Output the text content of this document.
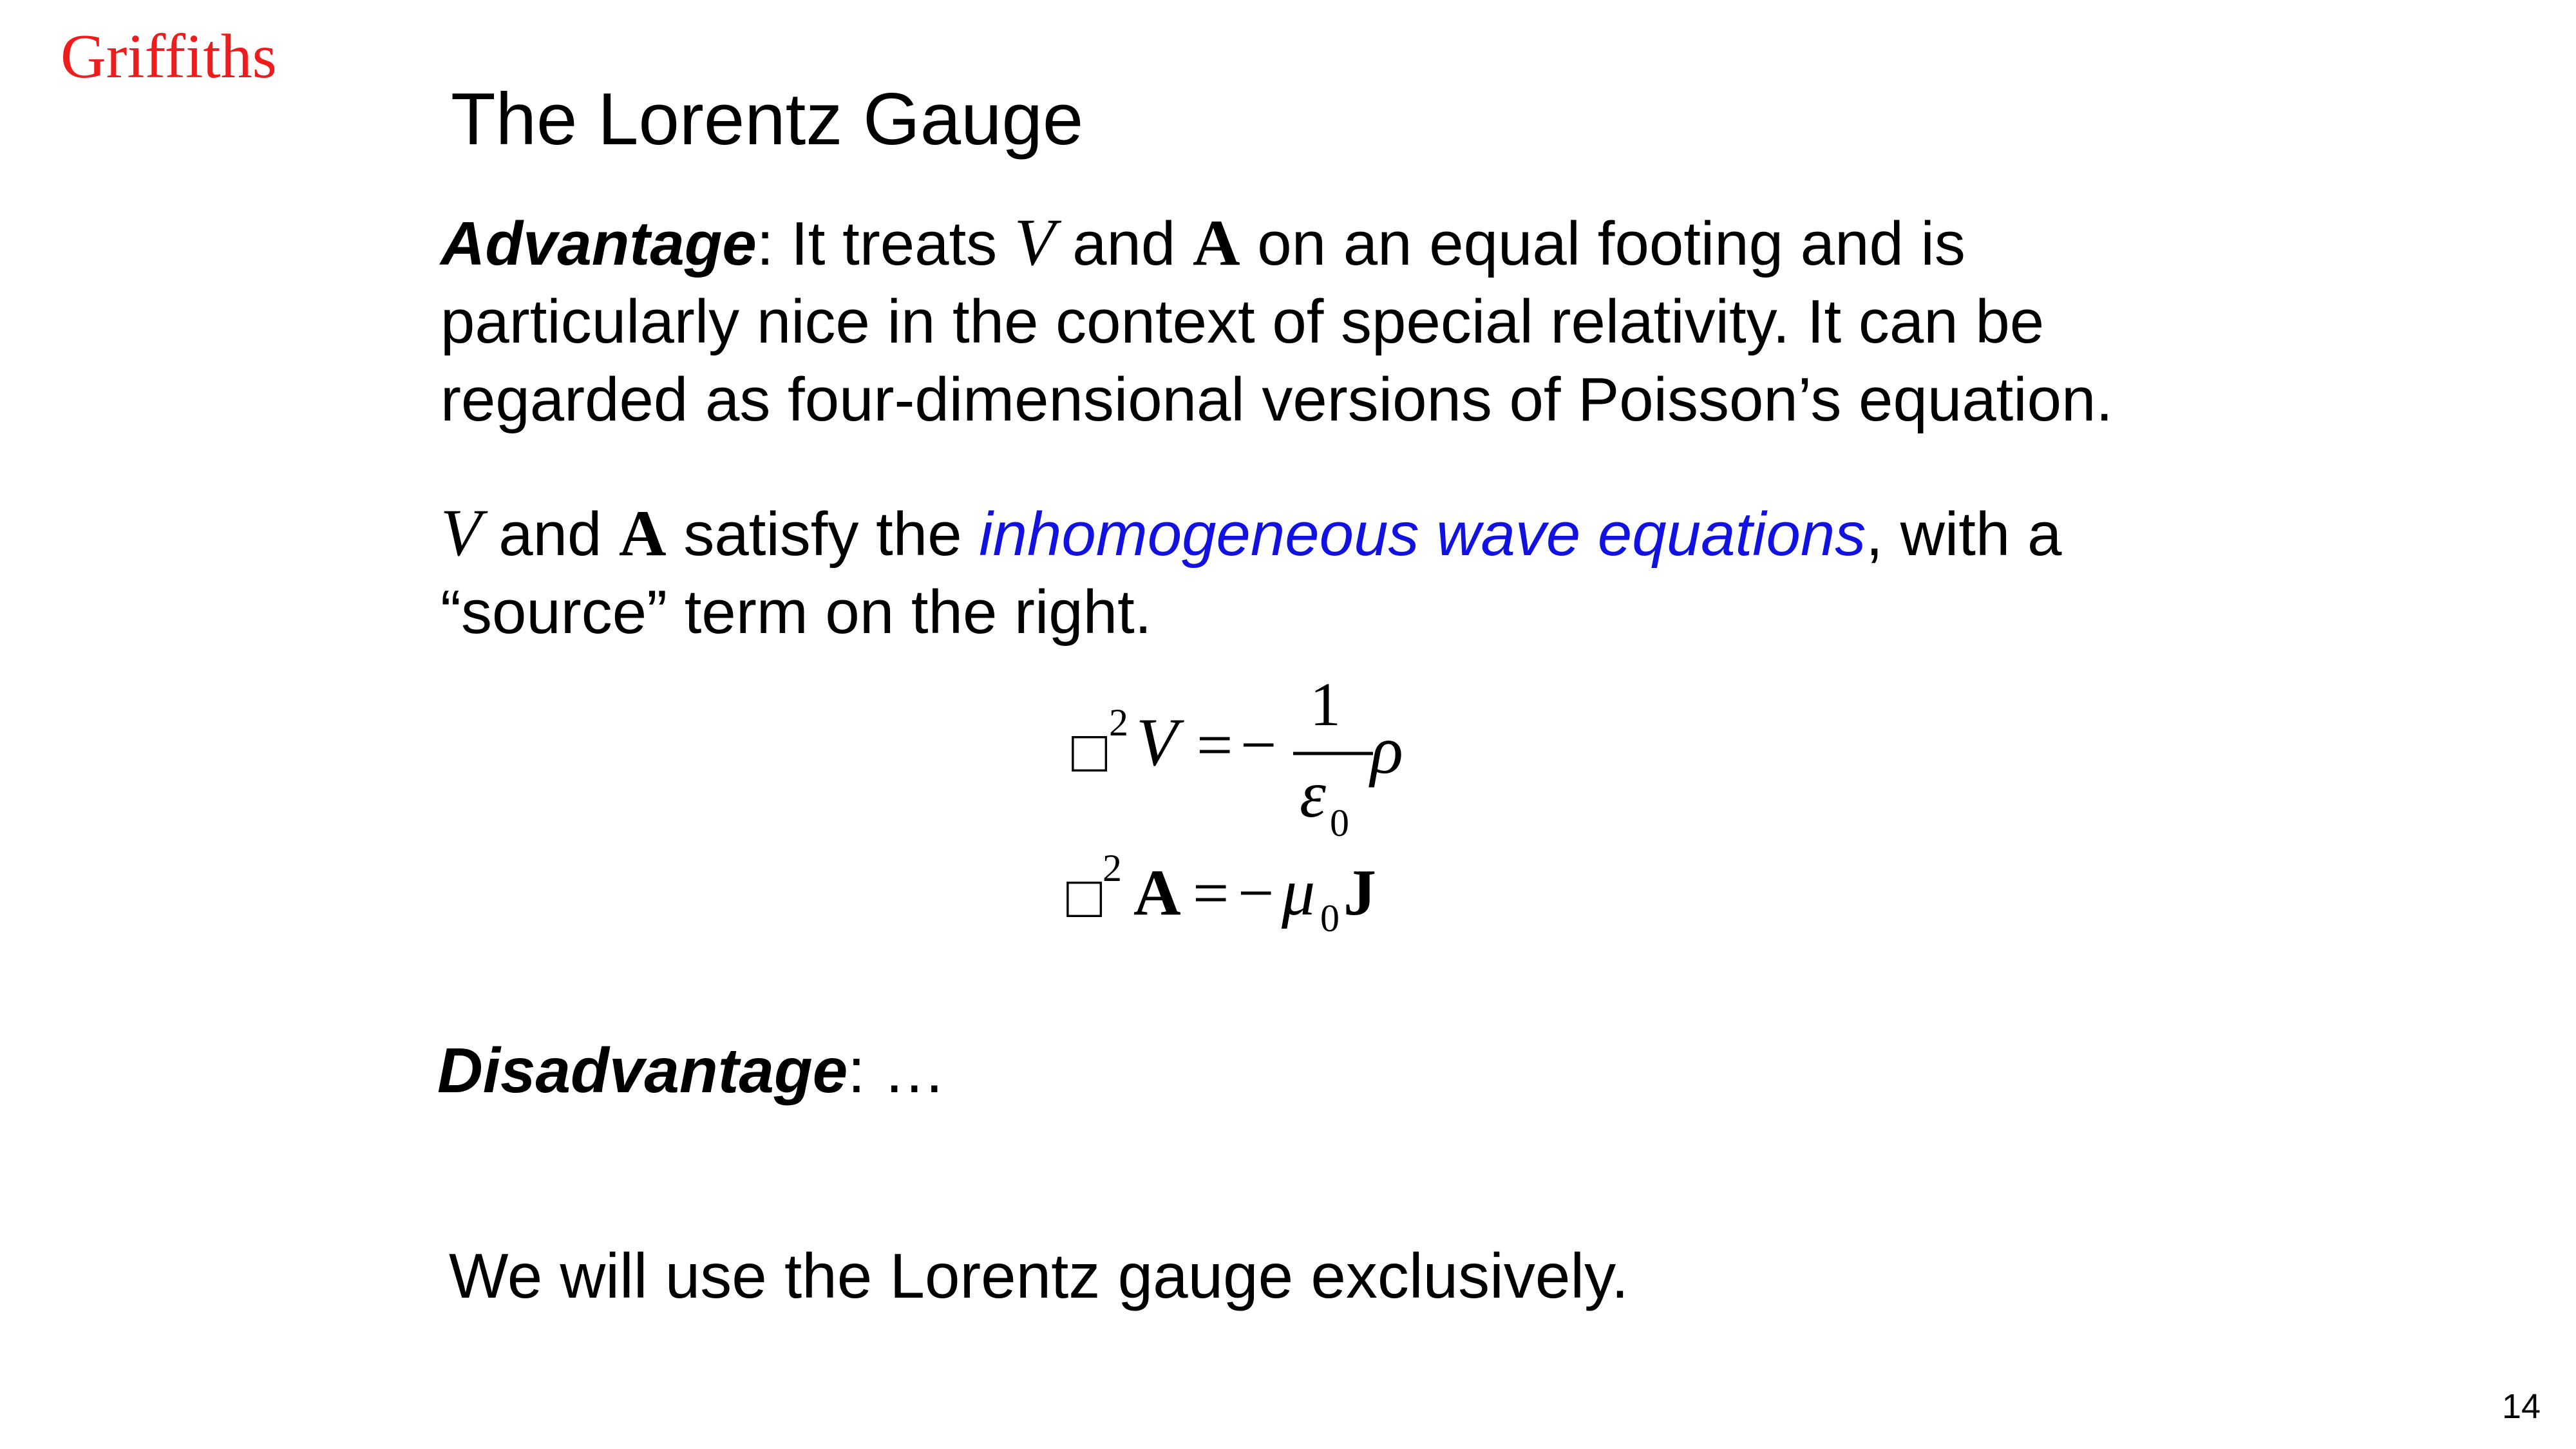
Griffiths
The Lorentz Gauge
Advantage: It treats V and A on an equal footing and is
particularly nice in the context of special relativity. It can be
regarded as four-dimensional versions of Poisson’s equation.
V and A satisfy the inhomogeneous wave equations, with a
“source” term on the right.
□ 2 V = −
1
ε 0
ρ
□ 2 A = − μ 0 J
Disadvantage: …
We will use the Lorentz gauge exclusively.
14
